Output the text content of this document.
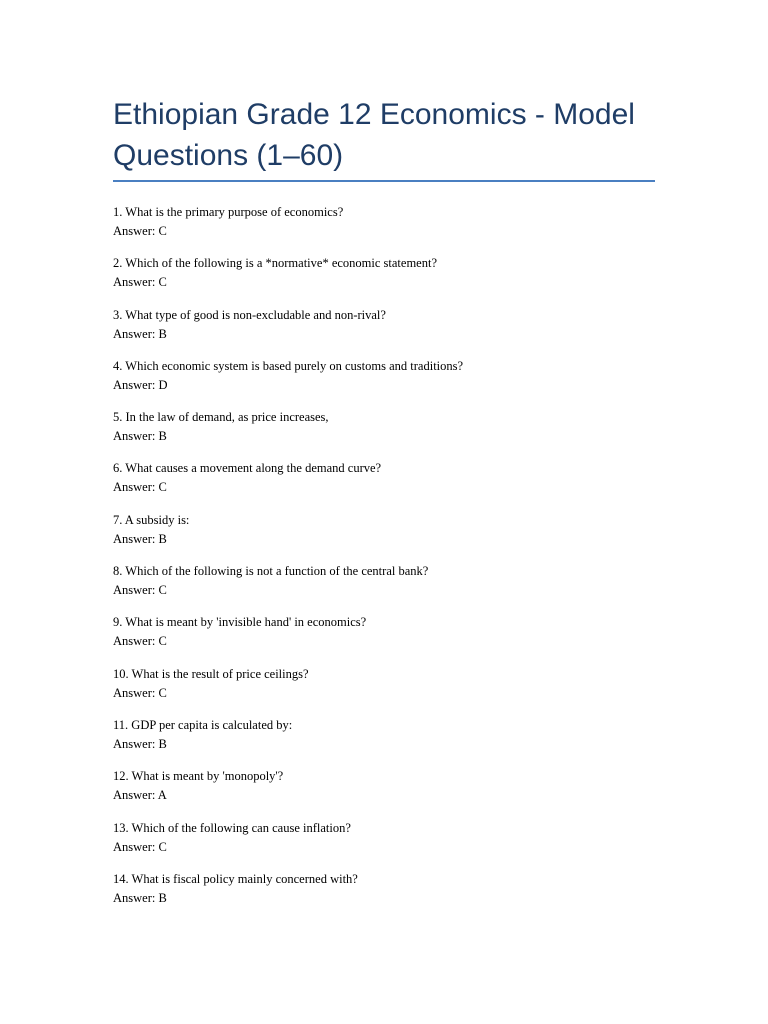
Ethiopian Grade 12 Economics - Model Questions (1–60)
1. What is the primary purpose of economics?
Answer: C
2. Which of the following is a *normative* economic statement?
Answer: C
3. What type of good is non-excludable and non-rival?
Answer: B
4. Which economic system is based purely on customs and traditions?
Answer: D
5. In the law of demand, as price increases,
Answer: B
6. What causes a movement along the demand curve?
Answer: C
7. A subsidy is:
Answer: B
8. Which of the following is not a function of the central bank?
Answer: C
9. What is meant by 'invisible hand' in economics?
Answer: C
10. What is the result of price ceilings?
Answer: C
11. GDP per capita is calculated by:
Answer: B
12. What is meant by 'monopoly'?
Answer: A
13. Which of the following can cause inflation?
Answer: C
14. What is fiscal policy mainly concerned with?
Answer: B
